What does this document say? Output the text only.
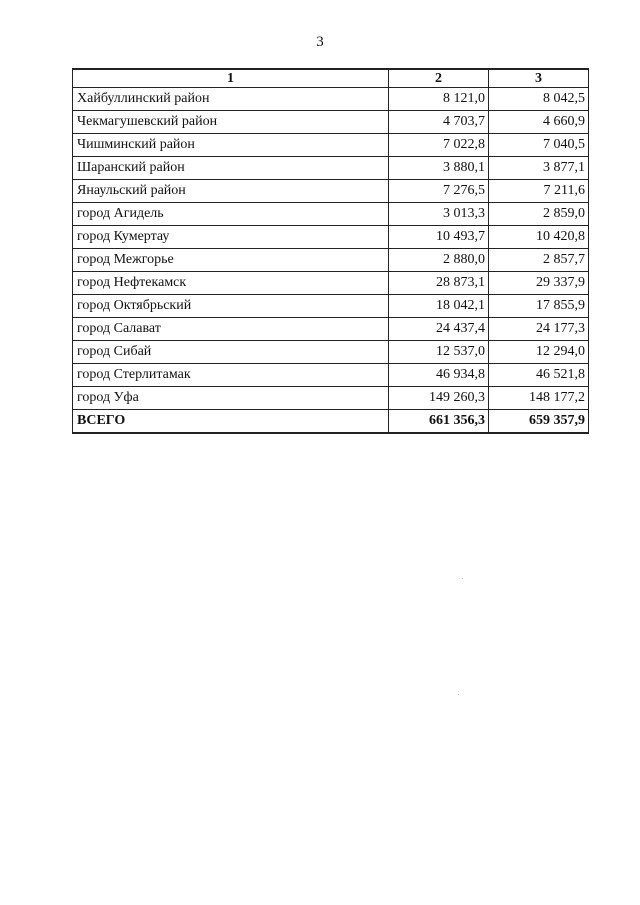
3
1	2	3
Хайбуллинский район	8 121,0	8 042,5
Чекмагушевский район	4 703,7	4 660,9
Чишминский район	7 022,8	7 040,5
Шаранский район	3 880,1	3 877,1
Янаульский район	7 276,5	7 211,6
город Агидель	3 013,3	2 859,0
город Кумертау	10 493,7	10 420,8
город Межгорье	2 880,0	2 857,7
город Нефтекамск	28 873,1	29 337,9
город Октябрьский	18 042,1	17 855,9
город Салават	24 437,4	24 177,3
город Сибай	12 537,0	12 294,0
город Стерлитамак	46 934,8	46 521,8
город Уфа	149 260,3	148 177,2
ВСЕГО	661 356,3	659 357,9
